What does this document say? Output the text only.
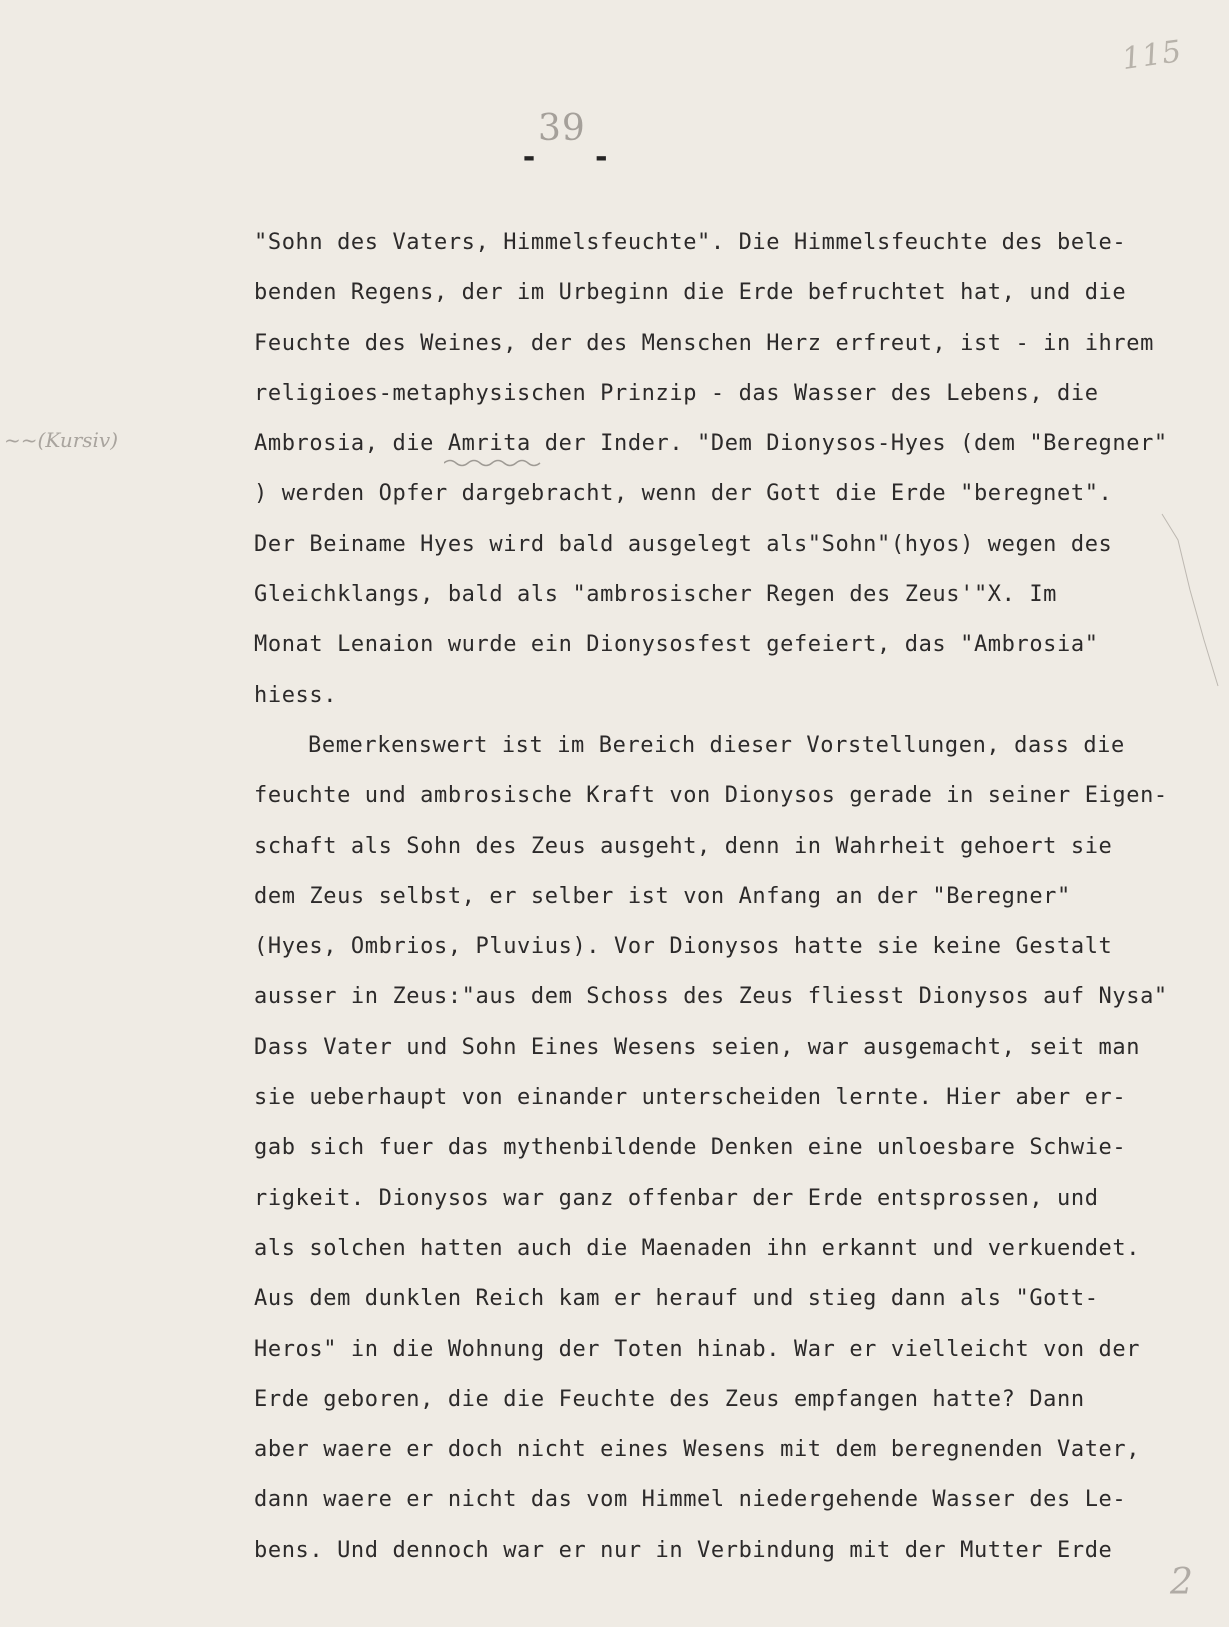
115
39
-   -
~~(Kursiv)
"Sohn des Vaters, Himmelsfeuchte". Die Himmelsfeuchte des bele-
benden Regens, der im Urbeginn die Erde befruchtet hat, und die
Feuchte des Weines, der des Menschen Herz erfreut, ist - in ihrem
religioes-metaphysischen Prinzip - das Wasser des Lebens, die
Ambrosia, die Amrita der Inder. "Dem Dionysos-Hyes (dem "Beregner"
) werden Opfer dargebracht, wenn der Gott die Erde "beregnet".
Der Beiname Hyes wird bald ausgelegt als"Sohn"(hyos) wegen des
Gleichklangs, bald als "ambrosischer Regen des Zeus'"X. Im
Monat Lenaion wurde ein Dionysosfest gefeiert, das "Ambrosia"
hiess.
Bemerkenswert ist im Bereich dieser Vorstellungen, dass die
feuchte und ambrosische Kraft von Dionysos gerade in seiner Eigen-
schaft als Sohn des Zeus ausgeht, denn in Wahrheit gehoert sie
dem Zeus selbst, er selber ist von Anfang an der "Beregner"
(Hyes, Ombrios, Pluvius). Vor Dionysos hatte sie keine Gestalt
ausser in Zeus:"aus dem Schoss des Zeus fliesst Dionysos auf Nysa"
Dass Vater und Sohn Eines Wesens seien, war ausgemacht, seit man
sie ueberhaupt von einander unterscheiden lernte. Hier aber er-
gab sich fuer das mythenbildende Denken eine unloesbare Schwie-
rigkeit. Dionysos war ganz offenbar der Erde entsprossen, und
als solchen hatten auch die Maenaden ihn erkannt und verkuendet.
Aus dem dunklen Reich kam er herauf und stieg dann als "Gott-
Heros" in die Wohnung der Toten hinab. War er vielleicht von der
Erde geboren, die die Feuchte des Zeus empfangen hatte? Dann
aber waere er doch nicht eines Wesens mit dem beregnenden Vater,
dann waere er nicht das vom Himmel niedergehende Wasser des Le-
bens. Und dennoch war er nur in Verbindung mit der Mutter Erde
2
